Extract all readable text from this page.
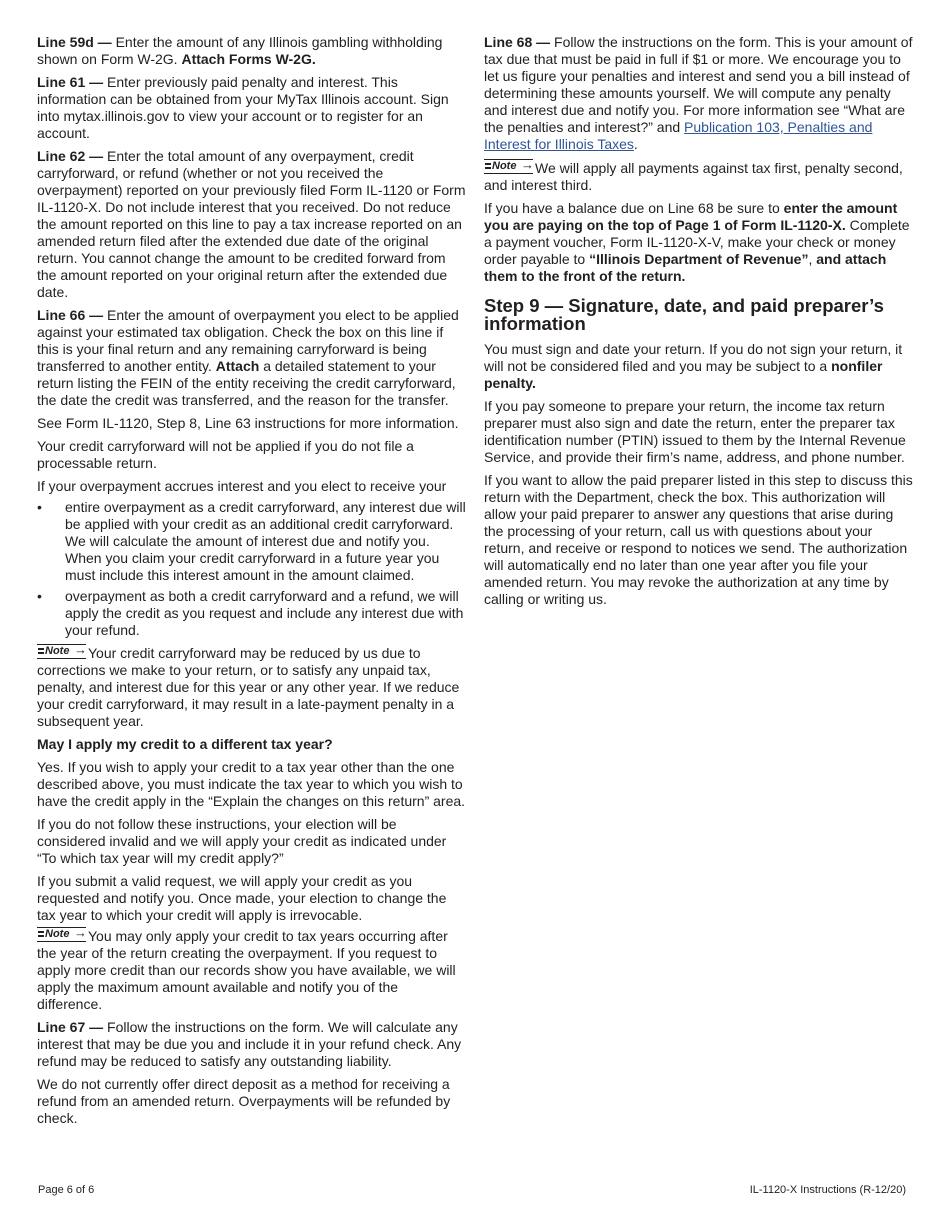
Line 59d — Enter the amount of any Illinois gambling withholding shown on Form W-2G. Attach Forms W-2G.

Line 61 — Enter previously paid penalty and interest. This information can be obtained from your MyTax Illinois account. Sign into mytax.illinois.gov to view your account or to register for an account.

Line 62 — Enter the total amount of any overpayment, credit carryforward, or refund (whether or not you received the overpayment) reported on your previously filed Form IL-1120 or Form IL-1120-X. Do not include interest that you received. Do not reduce the amount reported on this line to pay a tax increase reported on an amended return filed after the extended due date of the original return. You cannot change the amount to be credited forward from the amount reported on your original return after the extended due date.

Line 66 — Enter the amount of overpayment you elect to be applied against your estimated tax obligation. Check the box on this line if this is your final return and any remaining carryforward is being transferred to another entity. Attach a detailed statement to your return listing the FEIN of the entity receiving the credit carryforward, the date the credit was transferred, and the reason for the transfer.

See Form IL-1120, Step 8, Line 63 instructions for more information.

Your credit carryforward will not be applied if you do not file a processable return.

If your overpayment accrues interest and you elect to receive your

• entire overpayment as a credit carryforward, any interest due will be applied with your credit as an additional credit carryforward. We will calculate the amount of interest due and notify you. When you claim your credit carryforward in a future year you must include this interest amount in the amount claimed.
• overpayment as both a credit carryforward and a refund, we will apply the credit as you request and include any interest due with your refund.

Note → Your credit carryforward may be reduced by us due to corrections we make to your return, or to satisfy any unpaid tax, penalty, and interest due for this year or any other year. If we reduce your credit carryforward, it may result in a late-payment penalty in a subsequent year.

May I apply my credit to a different tax year?

Yes. If you wish to apply your credit to a tax year other than the one described above, you must indicate the tax year to which you wish to have the credit apply in the “Explain the changes on this return” area.

If you do not follow these instructions, your election will be considered invalid and we will apply your credit as indicated under “To which tax year will my credit apply?”

If you submit a valid request, we will apply your credit as you requested and notify you. Once made, your election to change the tax year to which your credit will apply is irrevocable.

Note → You may only apply your credit to tax years occurring after the year of the return creating the overpayment. If you request to apply more credit than our records show you have available, we will apply the maximum amount available and notify you of the difference.

Line 67 — Follow the instructions on the form. We will calculate any interest that may be due you and include it in your refund check. Any refund may be reduced to satisfy any outstanding liability.

We do not currently offer direct deposit as a method for receiving a refund from an amended return. Overpayments will be refunded by check.

Line 68 — Follow the instructions on the form. This is your amount of tax due that must be paid in full if $1 or more. We encourage you to let us figure your penalties and interest and send you a bill instead of determining these amounts yourself. We will compute any penalty and interest due and notify you. For more information see “What are the penalties and interest?” and Publication 103, Penalties and Interest for Illinois Taxes.

Note → We will apply all payments against tax first, penalty second, and interest third.

If you have a balance due on Line 68 be sure to enter the amount you are paying on the top of Page 1 of Form IL-1120-X. Complete a payment voucher, Form IL-1120-X-V, make your check or money order payable to “Illinois Department of Revenue”, and attach them to the front of the return.

Step 9 — Signature, date, and paid preparer’s information

You must sign and date your return. If you do not sign your return, it will not be considered filed and you may be subject to a nonfiler penalty.

If you pay someone to prepare your return, the income tax return preparer must also sign and date the return, enter the preparer tax identification number (PTIN) issued to them by the Internal Revenue Service, and provide their firm’s name, address, and phone number.

If you want to allow the paid preparer listed in this step to discuss this return with the Department, check the box. This authorization will allow your paid preparer to answer any questions that arise during the processing of your return, call us with questions about your return, and receive or respond to notices we send. The authorization will automatically end no later than one year after you file your amended return. You may revoke the authorization at any time by calling or writing us.

Page 6 of 6	IL-1120-X Instructions (R-12/20)
